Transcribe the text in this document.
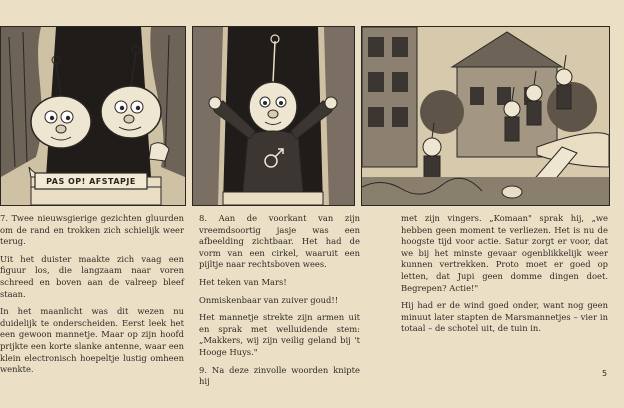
PAS OP! AFSTAPJE

7. Twee nieuwsgierige gezichten gluurden om de rand en trokken zich schielijk weer terug.

Uit het duister maakte zich vaag een figuur los, die langzaam naar voren schreed en boven aan de valreep bleef staan.

In het maanlicht was dit wezen nu duidelijk te onderscheiden. Eerst leek het een gewoon mannetje. Maar op zijn hoofd prijkte een korte slanke antenne, waar een klein electronisch hoepeltje lustig omheen wenkte.

8. Aan de voorkant van zijn vreemdsoortig jasje was een afbeelding zichtbaar. Het had de vorm van een cirkel, waaruit een pijltje naar rechtsboven wees.

Het teken van Mars!

Onmiskenbaar van zuiver goud!!

Het mannetje strekte zijn armen uit en sprak met welluidende stem: „Makkers, wij zijn veilig geland bij 't Hooge Huys."

9. Na deze zinvolle woorden knipte hij

met zijn vingers. „Komaan" sprak hij, „we hebben geen moment te verliezen. Het is nu de hoogste tijd voor actie. Satur zorgt er voor, dat we bij het minste gevaar ogenblikkelijk weer kunnen vertrekken. Proto moet er goed op letten, dat Jupi geen domme dingen doet. Begrepen? Actie!"

Hij had er de wind goed onder, want nog geen minuut later stapten de Marsmannetjes – vier in totaal – de schotel uit, de tuin in.

5
